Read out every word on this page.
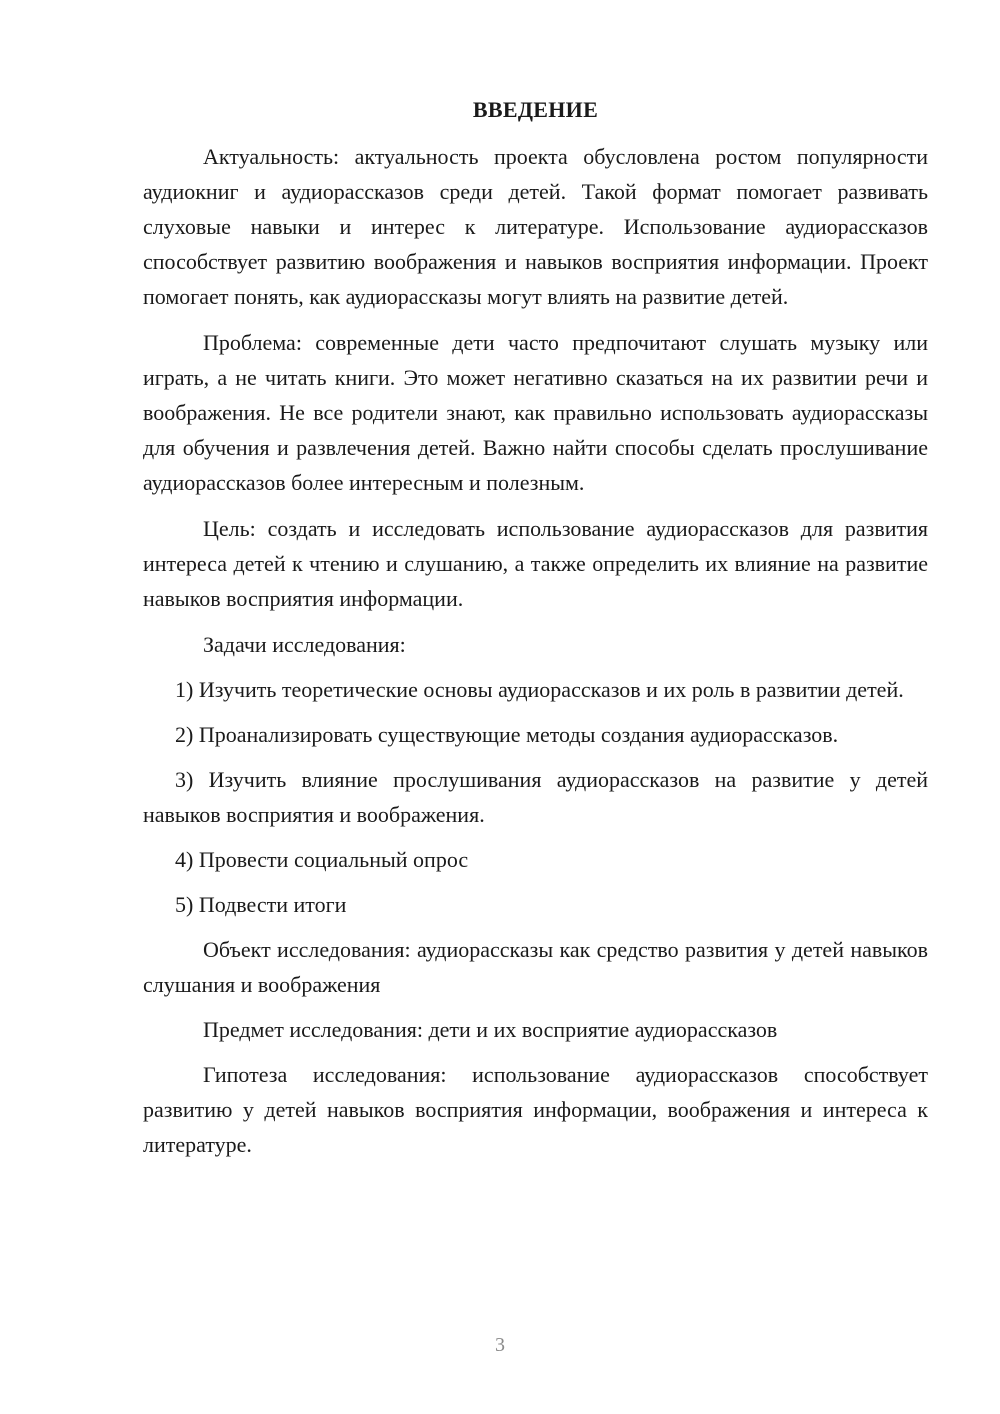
ВВЕДЕНИЕ

Актуальность: актуальность проекта обусловлена ростом популярности аудиокниг и аудиорассказов среди детей. Такой формат помогает развивать слуховые навыки и интерес к литературе. Использование аудиорассказов способствует развитию воображения и навыков восприятия информации. Проект помогает понять, как аудиорассказы могут влиять на развитие детей.

Проблема: современные дети часто предпочитают слушать музыку или играть, а не читать книги. Это может негативно сказаться на их развитии речи и воображения. Не все родители знают, как правильно использовать аудиорассказы для обучения и развлечения детей. Важно найти способы сделать прослушивание аудиорассказов более интересным и полезным.

Цель: создать и исследовать использование аудиорассказов для развития интереса детей к чтению и слушанию, а также определить их влияние на развитие навыков восприятия информации.

Задачи исследования:

1) Изучить теоретические основы аудиорассказов и их роль в развитии детей.

2) Проанализировать существующие методы создания аудиорассказов.

3) Изучить влияние прослушивания аудиорассказов на развитие у детей навыков восприятия и воображения.

4) Провести социальный опрос

5) Подвести итоги

Объект исследования: аудиорассказы как средство развития у детей навыков слушания и воображения

Предмет исследования: дети и их восприятие аудиорассказов

Гипотеза исследования: использование аудиорассказов способствует развитию у детей навыков восприятия информации, воображения и интереса к литературе.

3
